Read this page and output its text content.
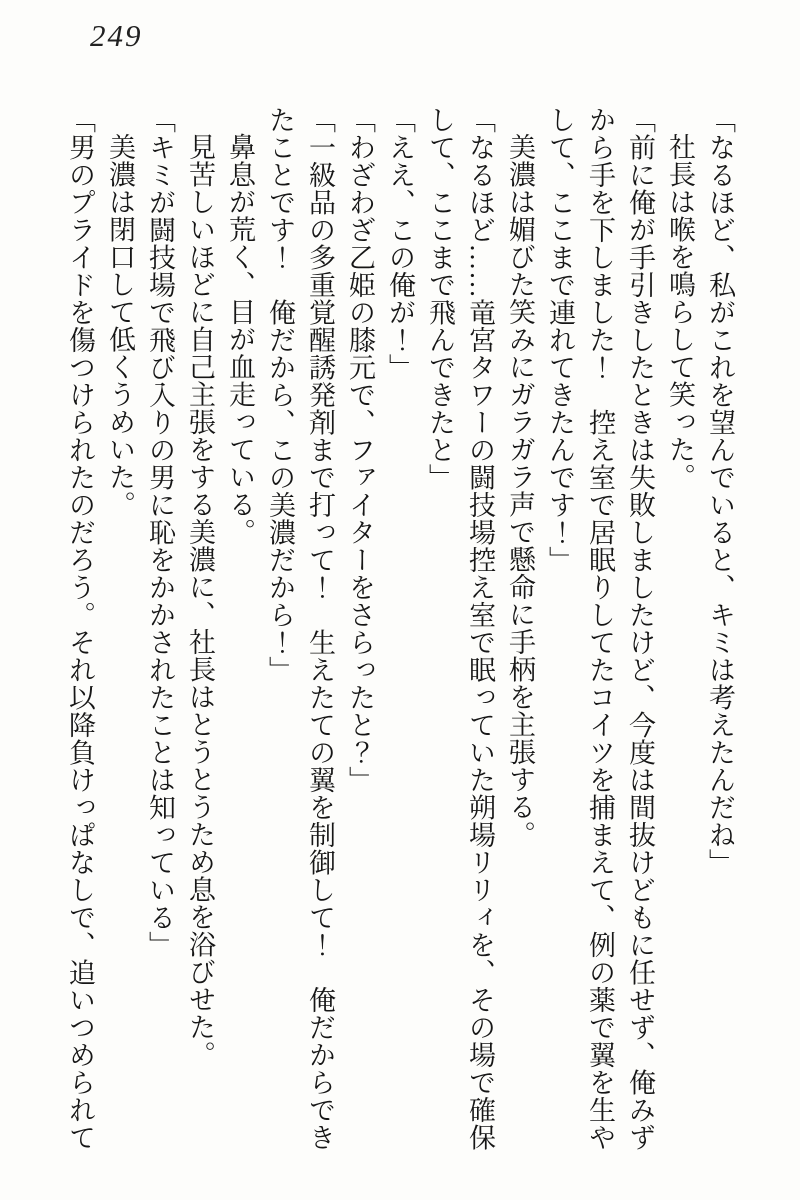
249

「なるほど、私がこれを望んでいると、キミは考えたんだね」

社長は喉を鳴らして笑った。

「前に俺が手引きしたときは失敗しましたけど、今度は間抜けどもに任せず、俺みずから手を下しました！　控え室で居眠りしてたコイツを捕まえて、例の薬で翼を生やして、ここまで連れてきたんです！」

美濃は媚びた笑みにガラガラ声で懸命に手柄を主張する。

「なるほど……竜宮タワーの闘技場控え室で眠っていた朔場リリィを、その場で確保して、ここまで飛んできたと」

「ええ、この俺が！」

「わざわざ乙姫の膝元で、ファイターをさらったと？」

「一級品の多重覚醒誘発剤まで打って！　生えたての翼を制御して！　俺だからできたことです！　俺だから、この美濃だから！」

鼻息が荒く、目が血走っている。

見苦しいほどに自己主張をする美濃に、社長はとうとうため息を浴びせた。

「キミが闘技場で飛び入りの男に恥をかかされたことは知っている」

美濃は閉口して低くうめいた。

「男のプライドを傷つけられたのだろう。それ以降負けっぱなしで、追いつめられて
